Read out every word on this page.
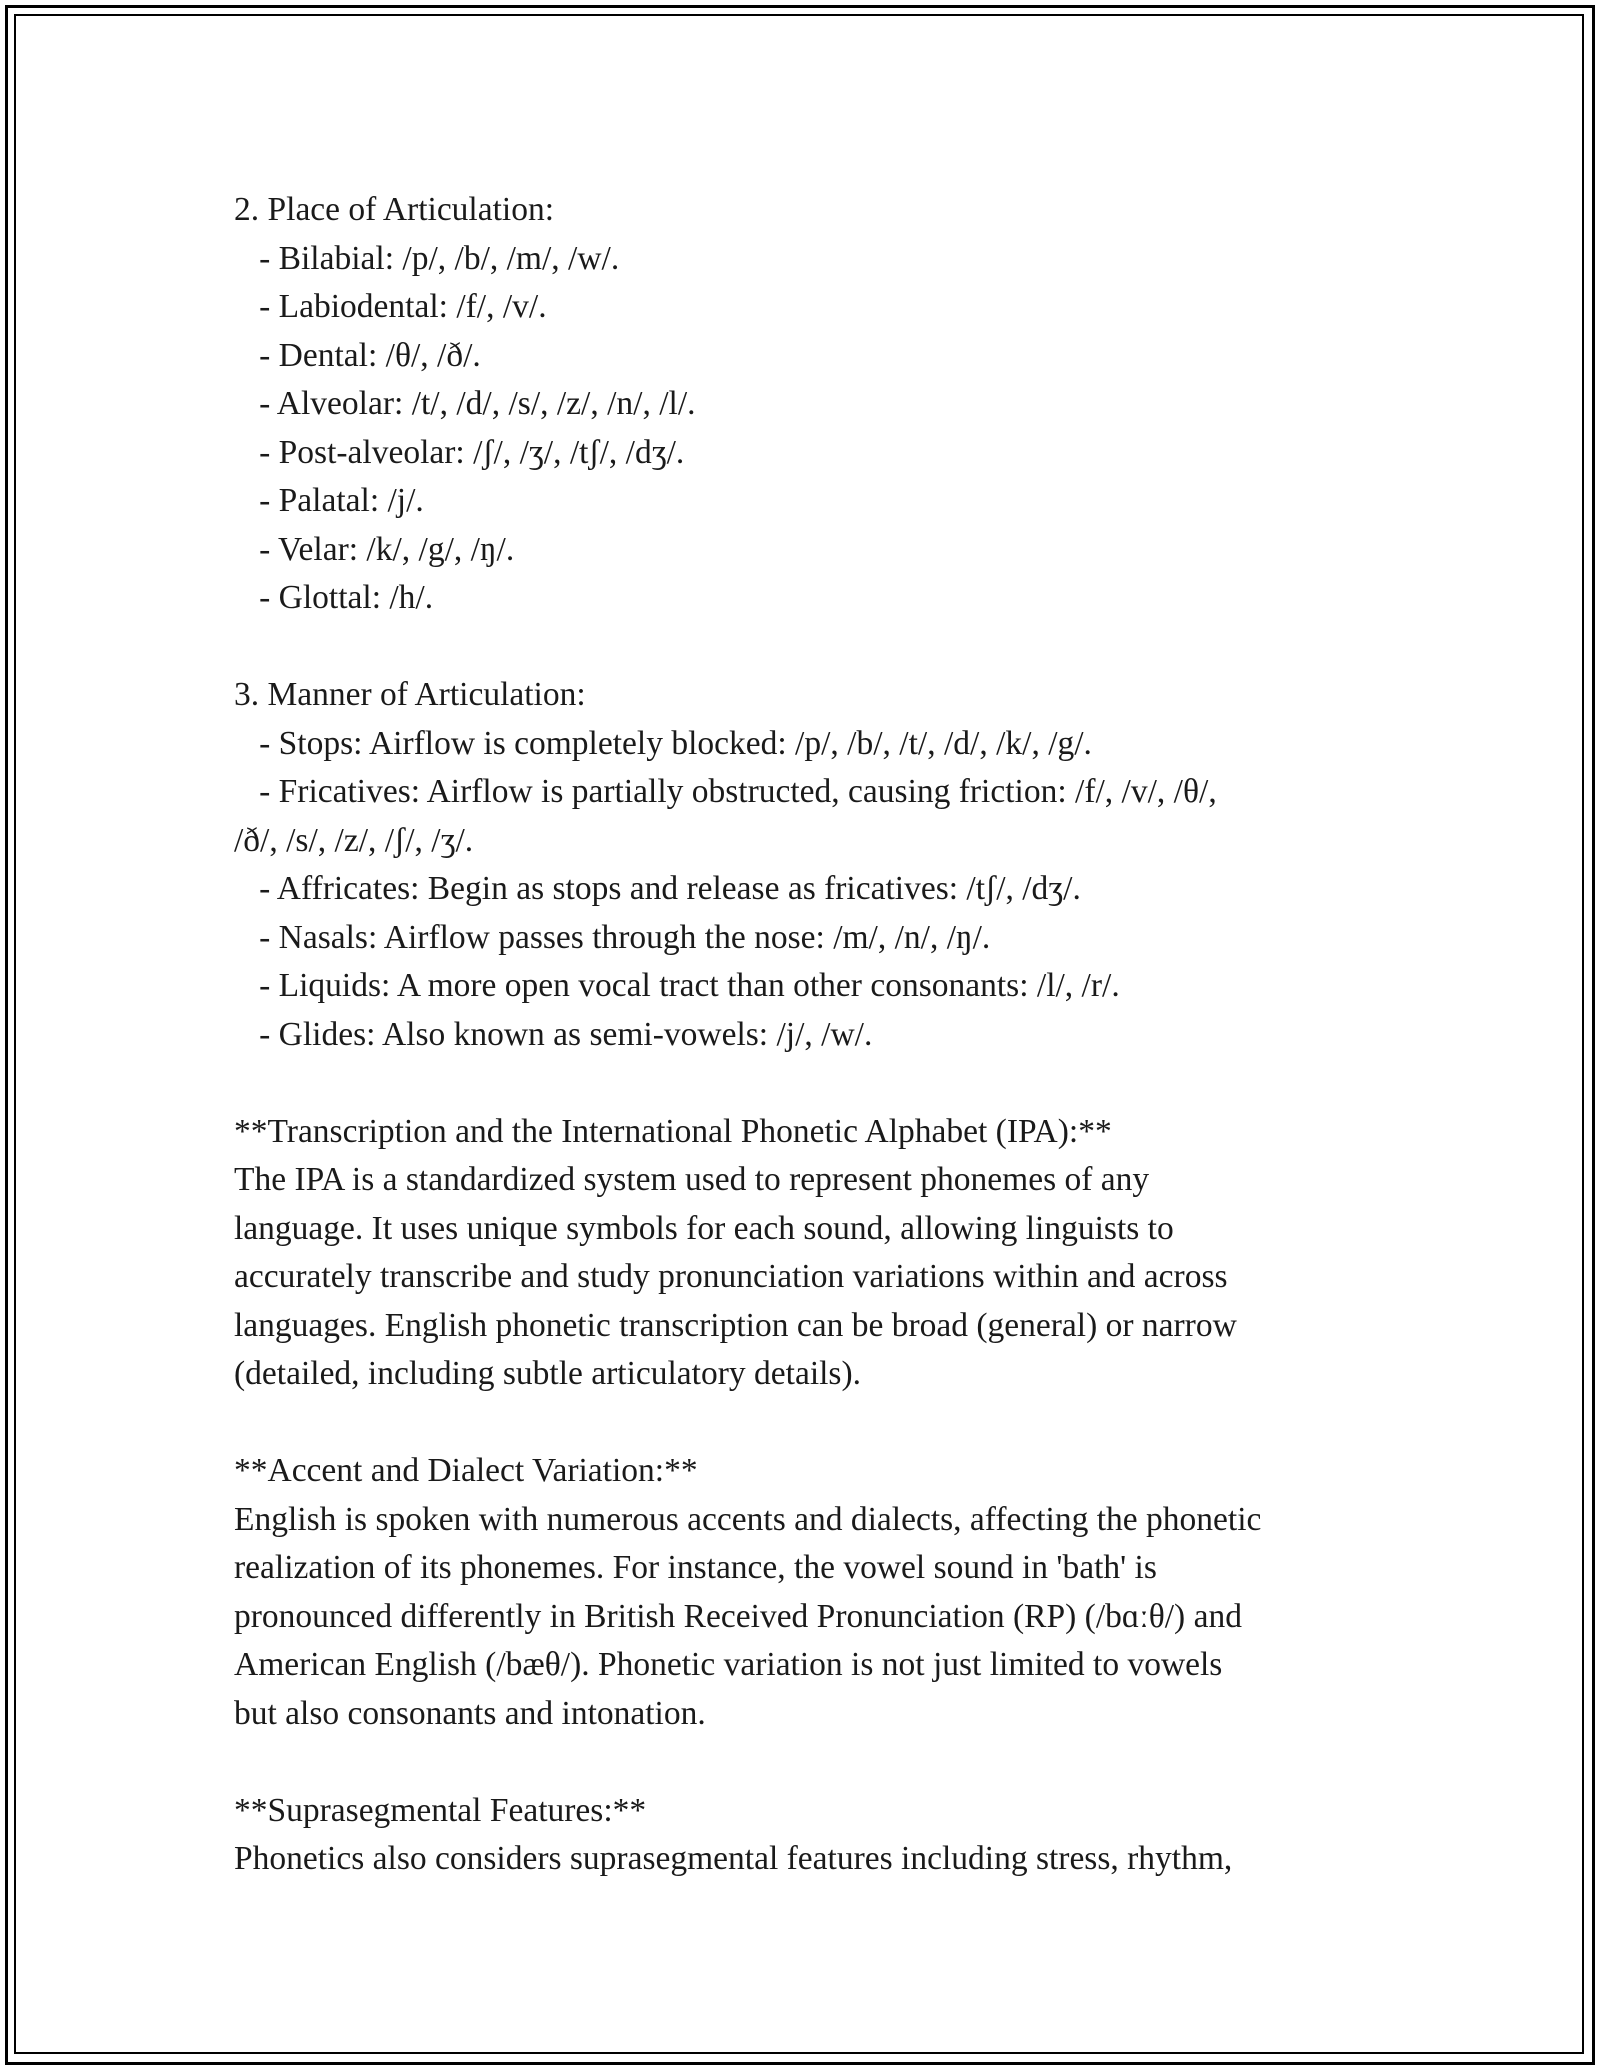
2. Place of Articulation:
- Bilabial: /p/, /b/, /m/, /w/.
- Labiodental: /f/, /v/.
- Dental: /θ/, /ð/.
- Alveolar: /t/, /d/, /s/, /z/, /n/, /l/.
- Post-alveolar: /ʃ/, /ʒ/, /tʃ/, /dʒ/.
- Palatal: /j/.
- Velar: /k/, /g/, /ŋ/.
- Glottal: /h/.
3. Manner of Articulation:
- Stops: Airflow is completely blocked: /p/, /b/, /t/, /d/, /k/, /g/.
- Fricatives: Airflow is partially obstructed, causing friction: /f/, /v/, /θ/,
/ð/, /s/, /z/, /ʃ/, /ʒ/.
- Affricates: Begin as stops and release as fricatives: /tʃ/, /dʒ/.
- Nasals: Airflow passes through the nose: /m/, /n/, /ŋ/.
- Liquids: A more open vocal tract than other consonants: /l/, /r/.
- Glides: Also known as semi-vowels: /j/, /w/.
**Transcription and the International Phonetic Alphabet (IPA):**
The IPA is a standardized system used to represent phonemes of any
language. It uses unique symbols for each sound, allowing linguists to
accurately transcribe and study pronunciation variations within and across
languages. English phonetic transcription can be broad (general) or narrow
(detailed, including subtle articulatory details).
**Accent and Dialect Variation:**
English is spoken with numerous accents and dialects, affecting the phonetic
realization of its phonemes. For instance, the vowel sound in 'bath' is
pronounced differently in British Received Pronunciation (RP) (/bɑːθ/) and
American English (/bæθ/). Phonetic variation is not just limited to vowels
but also consonants and intonation.
**Suprasegmental Features:**
Phonetics also considers suprasegmental features including stress, rhythm,
